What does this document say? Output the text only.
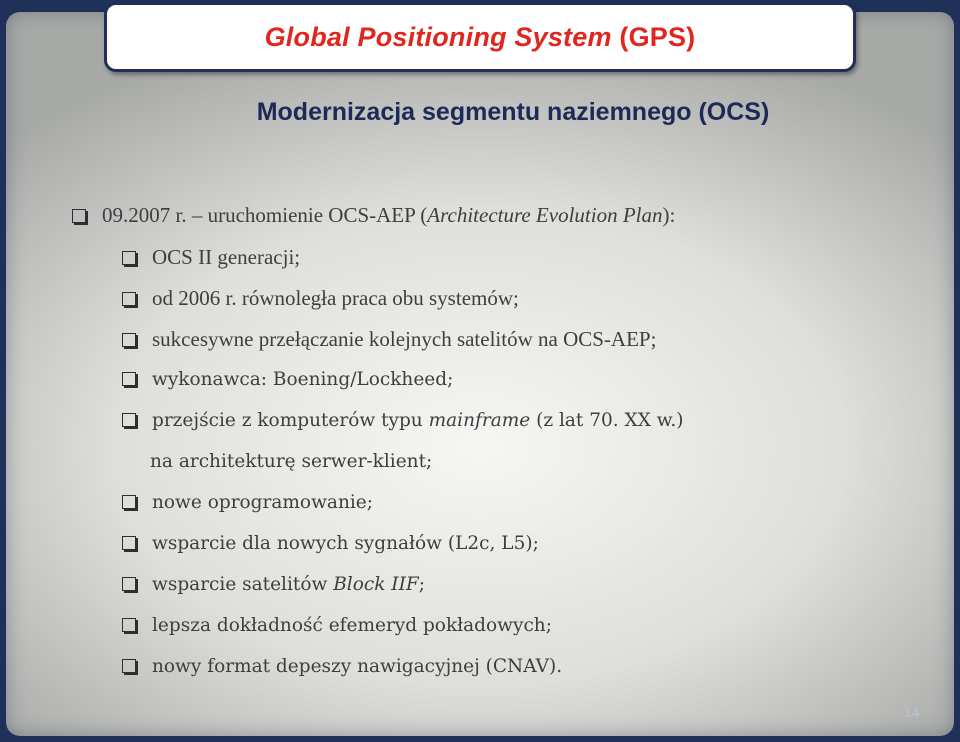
Global Positioning System (GPS)
Modernizacja segmentu naziemnego (OCS)
09.2007 r. – uruchomienie OCS-AEP (Architecture Evolution Plan):
OCS II generacji;
od 2006 r. równoległa praca obu systemów;
sukcesywne przełączanie kolejnych satelitów na OCS-AEP;
wykonawca: Boening/Lockheed;
przejście z komputerów typu mainframe (z lat 70. XX w.)
na architekturę serwer-klient;
nowe oprogramowanie;
wsparcie dla nowych sygnałów (L2c, L5);
wsparcie satelitów Block IIF;
lepsza dokładność efemeryd pokładowych;
nowy format depeszy nawigacyjnej (CNAV).
14
